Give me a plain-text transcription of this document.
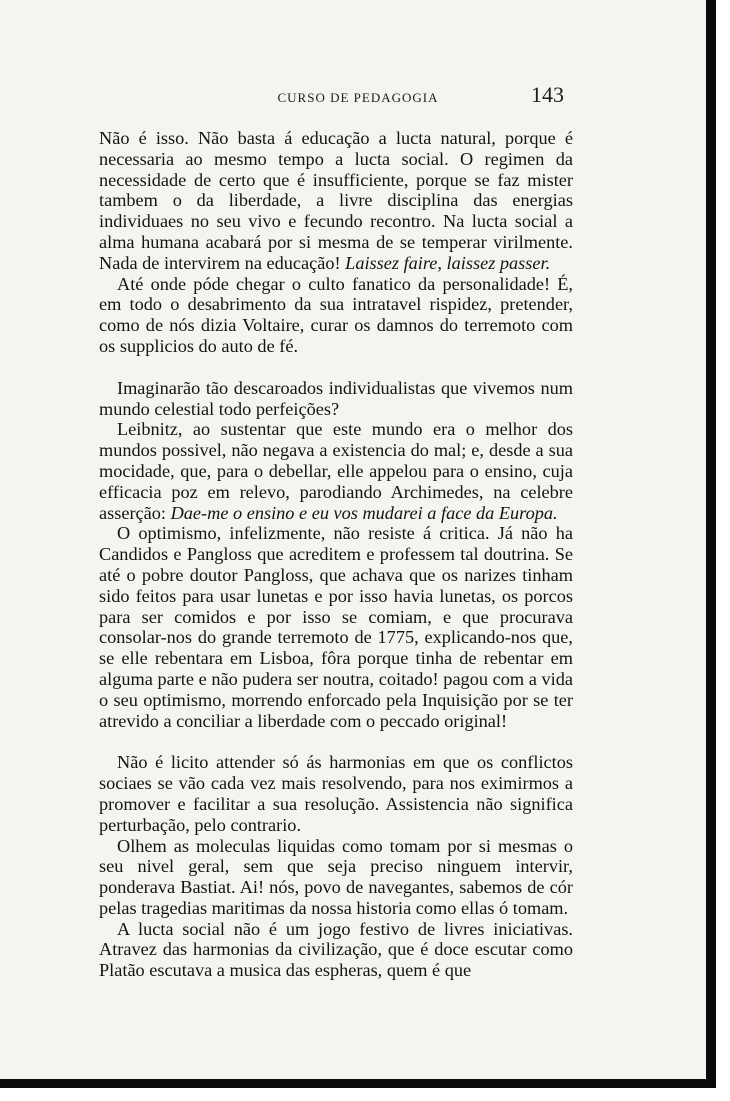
CURSO DE PEDAGOGIA	143

Não é isso. Não basta á educação a lucta natural, porque é necessaria ao mesmo tempo a lucta social. O regimen da necessidade de certo que é insufficiente, porque se faz mister tambem o da liberdade, a livre disciplina das energias individuaes no seu vivo e fecundo recontro. Na lucta social a alma humana acabará por si mesma de se temperar virilmente. Nada de intervirem na educação! Laissez faire, laissez passer.

Até onde póde chegar o culto fanatico da personalidade! É, em todo o desabrimento da sua intratavel rispidez, pretender, como de nós dizia Voltaire, curar os damnos do terremoto com os supplicios do auto de fé.

Imaginarão tão descaroados individualistas que vivemos num mundo celestial todo perfeições?

Leibnitz, ao sustentar que este mundo era o melhor dos mundos possivel, não negava a existencia do mal; e, desde a sua mocidade, que, para o debellar, elle appelou para o ensino, cuja efficacia poz em relevo, parodiando Archimedes, na celebre asserção: Dae-me o ensino e eu vos mudarei a face da Europa.

O optimismo, infelizmente, não resiste á critica. Já não ha Candidos e Pangloss que acreditem e professem tal doutrina. Se até o pobre doutor Pangloss, que achava que os narizes tinham sido feitos para usar lunetas e por isso havia lunetas, os porcos para ser comidos e por isso se comiam, e que procurava consolar-nos do grande terremoto de 1775, explicando-nos que, se elle rebentara em Lisboa, fôra porque tinha de rebentar em alguma parte e não pudera ser noutra, coitado! pagou com a vida o seu optimismo, morrendo enforcado pela Inquisição por se ter atrevido a conciliar a liberdade com o peccado original!

Não é licito attender só ás harmonias em que os conflictos sociaes se vão cada vez mais resolvendo, para nos eximirmos a promover e facilitar a sua resolução. Assistencia não significa perturbação, pelo contrario.

Olhem as moleculas liquidas como tomam por si mesmas o seu nivel geral, sem que seja preciso ninguem intervir, ponderava Bastiat. Ai! nós, povo de navegantes, sabemos de cór pelas tragedias maritimas da nossa historia como ellas ó tomam.

A lucta social não é um jogo festivo de livres iniciativas. Atravez das harmonias da civilização, que é doce escutar como Platão escutava a musica das espheras, quem é que
